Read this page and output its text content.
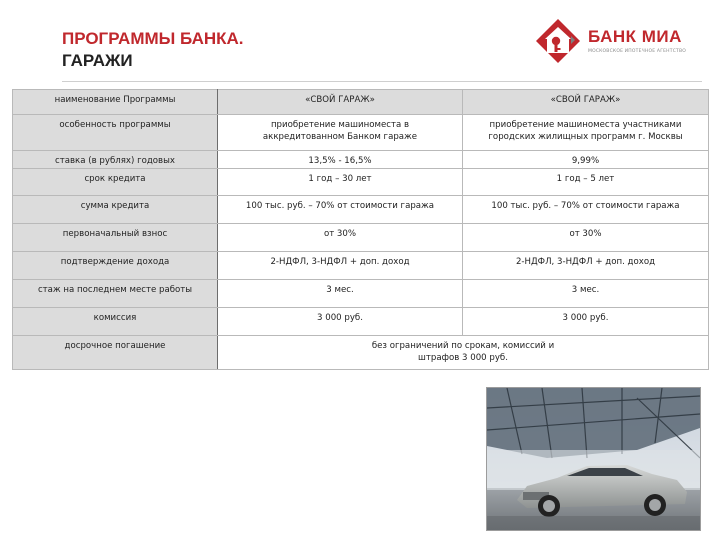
ПРОГРАММЫ БАНКА.
ГАРАЖИ
БАНК МИА
МОСКОВСКОЕ ИПОТЕЧНОЕ АГЕНТСТВО
наименование Программы	«СВОЙ ГАРАЖ»	«СВОЙ ГАРАЖ»
особенность программы	приобретение машиноместа в аккредитованном Банком гараже	приобретение машиноместа участниками городских жилищных программ г. Москвы
ставка (в рублях) годовых	13,5% - 16,5%	9,99%
срок кредита	1 год – 30 лет	1 год – 5 лет
сумма кредита	100 тыс. руб. – 70% от стоимости гаража	100 тыс. руб. – 70% от стоимости гаража
первоначальный взнос	от 30%	от 30%
подтверждение дохода	2-НДФЛ, 3-НДФЛ + доп. доход	2-НДФЛ, 3-НДФЛ + доп. доход
стаж на последнем месте работы	3 мес.	3 мес.
комиссия	3 000 руб.	3 000 руб.
досрочное погашение	без ограничений по срокам, комиссий и штрафов 3 000 руб.	
